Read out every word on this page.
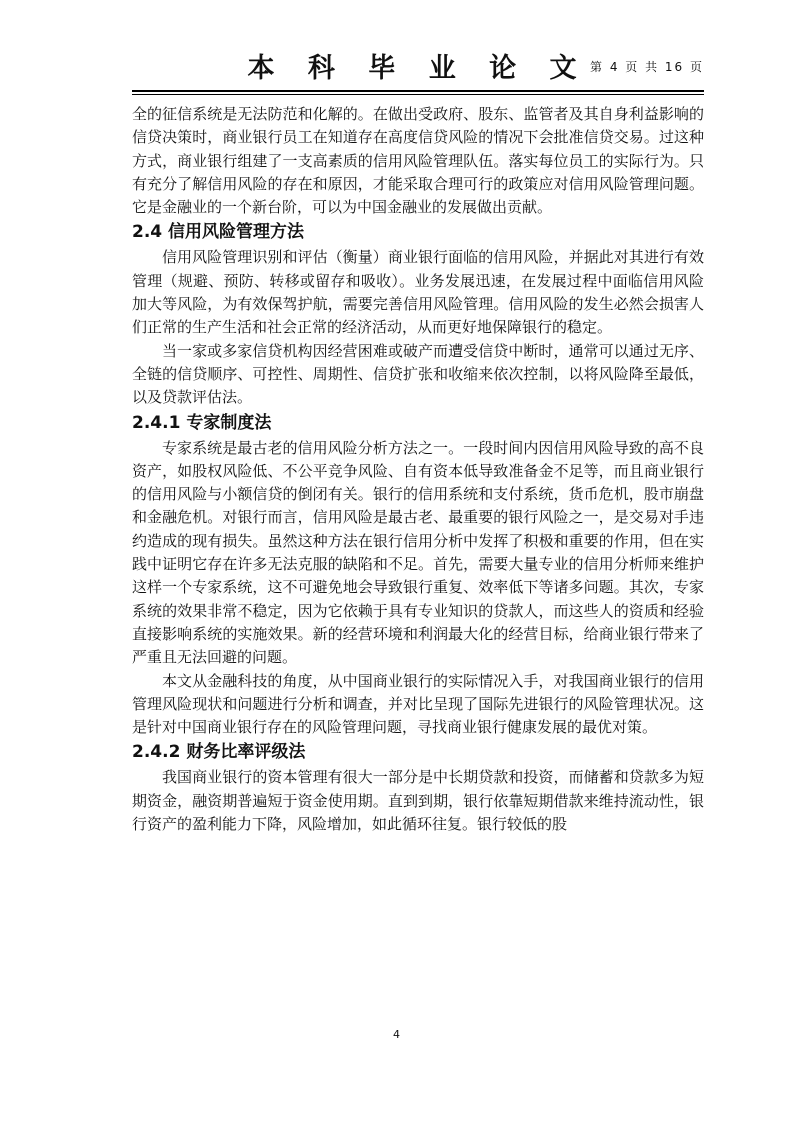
本 科 毕 业 论 文 第 4 页 共 16 页

全的征信系统是无法防范和化解的。在做出受政府、股东、监管者及其自身利益影响的信贷决策时，商业银行员工在知道存在高度信贷风险的情况下会批准信贷交易。过这种方式，商业银行组建了一支高素质的信用风险管理队伍。落实每位员工的实际行为。只有充分了解信用风险的存在和原因，才能采取合理可行的政策应对信用风险管理问题。它是金融业的一个新台阶，可以为中国金融业的发展做出贡献。

2.4 信用风险管理方法

信用风险管理识别和评估（衡量）商业银行面临的信用风险，并据此对其进行有效管理（规避、预防、转移或留存和吸收）。业务发展迅速，在发展过程中面临信用风险加大等风险，为有效保驾护航，需要完善信用风险管理。信用风险的发生必然会损害人们正常的生产生活和社会正常的经济活动，从而更好地保障银行的稳定。

当一家或多家信贷机构因经营困难或破产而遭受信贷中断时，通常可以通过无序、全链的信贷顺序、可控性、周期性、信贷扩张和收缩来依次控制，以将风险降至最低，以及贷款评估法。

2.4.1 专家制度法

专家系统是最古老的信用风险分析方法之一。一段时间内因信用风险导致的高不良资产，如股权风险低、不公平竞争风险、自有资本低导致准备金不足等，而且商业银行的信用风险与小额信贷的倒闭有关。银行的信用系统和支付系统，货币危机，股市崩盘和金融危机。对银行而言，信用风险是最古老、最重要的银行风险之一，是交易对手违约造成的现有损失。虽然这种方法在银行信用分析中发挥了积极和重要的作用，但在实践中证明它存在许多无法克服的缺陷和不足。首先，需要大量专业的信用分析师来维护这样一个专家系统，这不可避免地会导致银行重复、效率低下等诸多问题。其次，专家系统的效果非常不稳定，因为它依赖于具有专业知识的贷款人，而这些人的资质和经验直接影响系统的实施效果。新的经营环境和利润最大化的经营目标，给商业银行带来了严重且无法回避的问题。

本文从金融科技的角度，从中国商业银行的实际情况入手，对我国商业银行的信用管理风险现状和问题进行分析和调查，并对比呈现了国际先进银行的风险管理状况。这是针对中国商业银行存在的风险管理问题，寻找商业银行健康发展的最优对策。

2.4.2 财务比率评级法

我国商业银行的资本管理有很大一部分是中长期贷款和投资，而储蓄和贷款多为短期资金，融资期普遍短于资金使用期。直到到期，银行依靠短期借款来维持流动性，银行资产的盈利能力下降，风险增加，如此循环往复。银行较低的股

4
